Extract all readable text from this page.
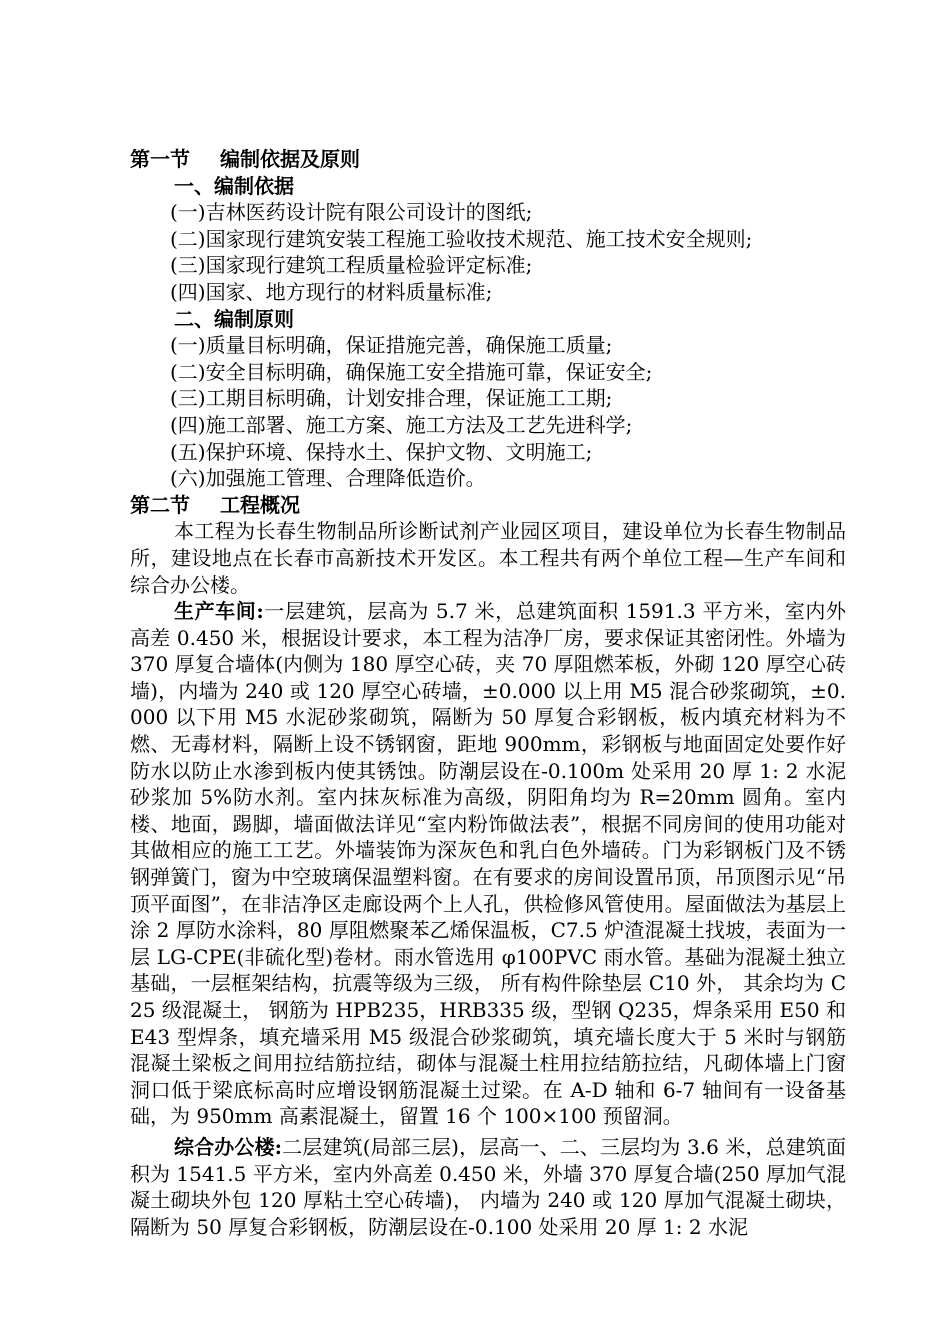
第一节 编制依据及原则
一、编制依据
(一)吉林医药设计院有限公司设计的图纸;
(二)国家现行建筑安装工程施工验收技术规范、施工技术安全规则;
(三)国家现行建筑工程质量检验评定标准;
(四)国家、地方现行的材料质量标准;
二、编制原则
(一)质量目标明确，保证措施完善，确保施工质量;
(二)安全目标明确，确保施工安全措施可靠，保证安全;
(三)工期目标明确，计划安排合理，保证施工工期;
(四)施工部署、施工方案、施工方法及工艺先进科学;
(五)保护环境、保持水土、保护文物、文明施工;
(六)加强施工管理、合理降低造价。
第二节 工程概况
本工程为长春生物制品所诊断试剂产业园区项目，建设单位为长春生物制品所，建设地点在长春市高新技术开发区。本工程共有两个单位工程—生产车间和综合办公楼。
生产车间:一层建筑，层高为 5.7 米，总建筑面积 1591.3 平方米，室内外高差 0.450 米，根据设计要求，本工程为洁净厂房，要求保证其密闭性。外墙为 370 厚复合墙体(内侧为 180 厚空心砖，夹 70 厚阻燃苯板，外砌 120 厚空心砖墙)，内墙为 240 或 120 厚空心砖墙，±0.000 以上用 M5 混合砂浆砌筑，±0.000 以下用 M5 水泥砂浆砌筑，隔断为 50 厚复合彩钢板，板内填充材料为不燃、无毒材料，隔断上设不锈钢窗，距地 900mm，彩钢板与地面固定处要作好防水以防止水渗到板内使其锈蚀。防潮层设在-0.100m 处采用 20 厚 1: 2 水泥砂浆加 5%防水剂。室内抹灰标准为高级，阴阳角均为 R=20mm 圆角。室内楼、地面，踢脚，墙面做法详见“室内粉饰做法表”，根据不同房间的使用功能对其做相应的施工工艺。外墙装饰为深灰色和乳白色外墙砖。门为彩钢板门及不锈钢弹簧门，窗为中空玻璃保温塑料窗。在有要求的房间设置吊顶，吊顶图示见“吊顶平面图”，在非洁净区走廊设两个上人孔，供检修风管使用。屋面做法为基层上涂 2 厚防水涂料，80 厚阻燃聚苯乙烯保温板，C7.5 炉渣混凝土找坡，表面为一层 LG-CPE(非硫化型)卷材。雨水管选用 φ100PVC 雨水管。基础为混凝土独立基础，一层框架结构，抗震等级为三级， 所有构件除垫层 C10 外， 其余均为 C25 级混凝土， 钢筋为 HPB235，HRB335 级，型钢 Q235，焊条采用 E50 和 E43 型焊条，填充墙采用 M5 级混合砂浆砌筑，填充墙长度大于 5 米时与钢筋混凝土梁板之间用拉结筋拉结，砌体与混凝土柱用拉结筋拉结，凡砌体墙上门窗洞口低于梁底标高时应增设钢筋混凝土过梁。在 A-D 轴和 6-7 轴间有一设备基础，为 950mm 高素混凝土，留置 16 个 100×100 预留洞。
综合办公楼:二层建筑(局部三层)，层高一、二、三层均为 3.6 米，总建筑面积为 1541.5 平方米，室内外高差 0.450 米，外墙 370 厚复合墙(250 厚加气混凝土砌块外包 120 厚粘土空心砖墙)， 内墙为 240 或 120 厚加气混凝土砌块，隔断为 50 厚复合彩钢板，防潮层设在-0.100 处采用 20 厚 1: 2 水泥
